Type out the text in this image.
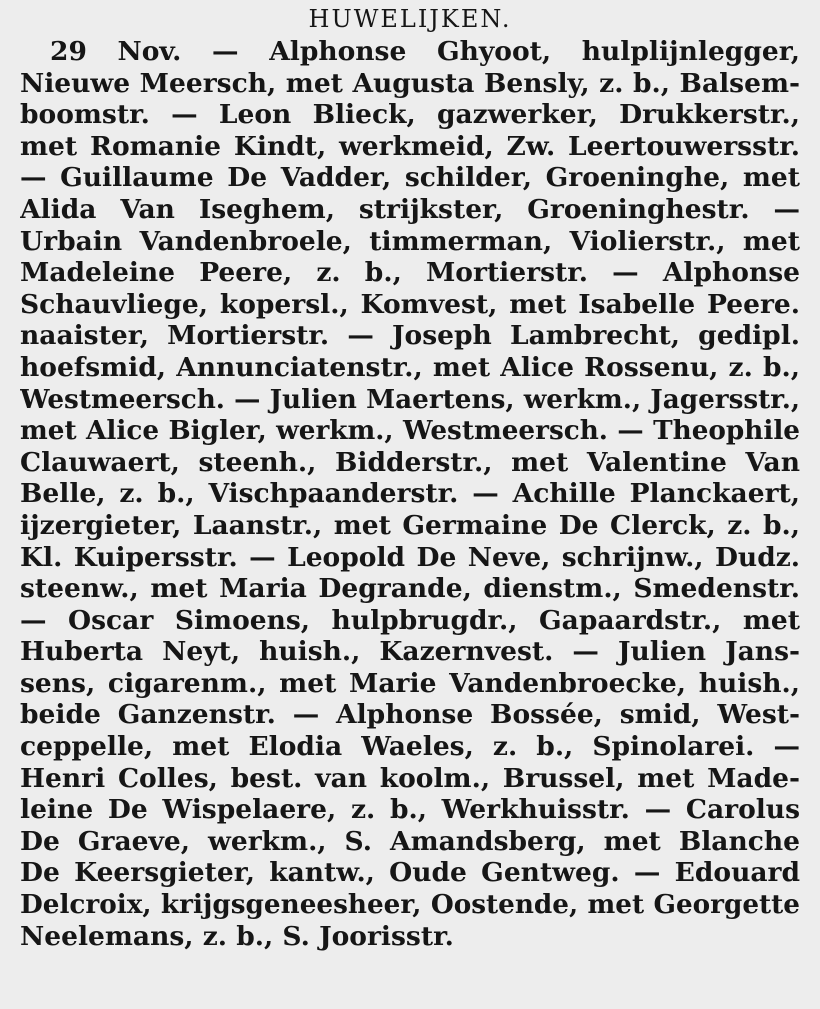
HUWELIJKEN.
29 Nov. — Alphonse Ghyoot, hulplijnlegger,
Nieuwe Meersch, met Augusta Bensly, z. b., Balsem-
boomstr. — Leon Blieck, gazwerker, Drukkerstr.,
met Romanie Kindt, werkmeid, Zw. Leertouwersstr.
— Guillaume De Vadder, schilder, Groeninghe, met
Alida Van Iseghem, strijkster, Groeninghestr. —
Urbain Vandenbroele, timmerman, Violierstr., met
Madeleine Peere, z. b., Mortierstr. — Alphonse
Schauvliege, kopersl., Komvest, met Isabelle Peere.
naaister, Mortierstr. — Joseph Lambrecht, gedipl.
hoefsmid, Annunciatenstr., met Alice Rossenu, z. b.,
Westmeersch. — Julien Maertens, werkm., Jagersstr.,
met Alice Bigler, werkm., Westmeersch. — Theophile
Clauwaert, steenh., Bidderstr., met Valentine Van
Belle, z. b., Vischpaanderstr. — Achille Planckaert,
ijzergieter, Laanstr., met Germaine De Clerck, z. b.,
Kl. Kuipersstr. — Leopold De Neve, schrijnw., Dudz.
steenw., met Maria Degrande, dienstm., Smedenstr.
— Oscar Simoens, hulpbrugdr., Gapaardstr., met
Huberta Neyt, huish., Kazernvest. — Julien Jans-
sens, cigarenm., met Marie Vandenbroecke, huish.,
beide Ganzenstr. — Alphonse Bossée, smid, West-
ceppelle, met Elodia Waeles, z. b., Spinolarei. —
Henri Colles, best. van koolm., Brussel, met Made-
leine De Wispelaere, z. b., Werkhuisstr. — Carolus
De Graeve, werkm., S. Amandsberg, met Blanche
De Keersgieter, kantw., Oude Gentweg. — Edouard
Delcroix, krijgsgeneesheer, Oostende, met Georgette
Neelemans, z. b., S. Joorisstr.
